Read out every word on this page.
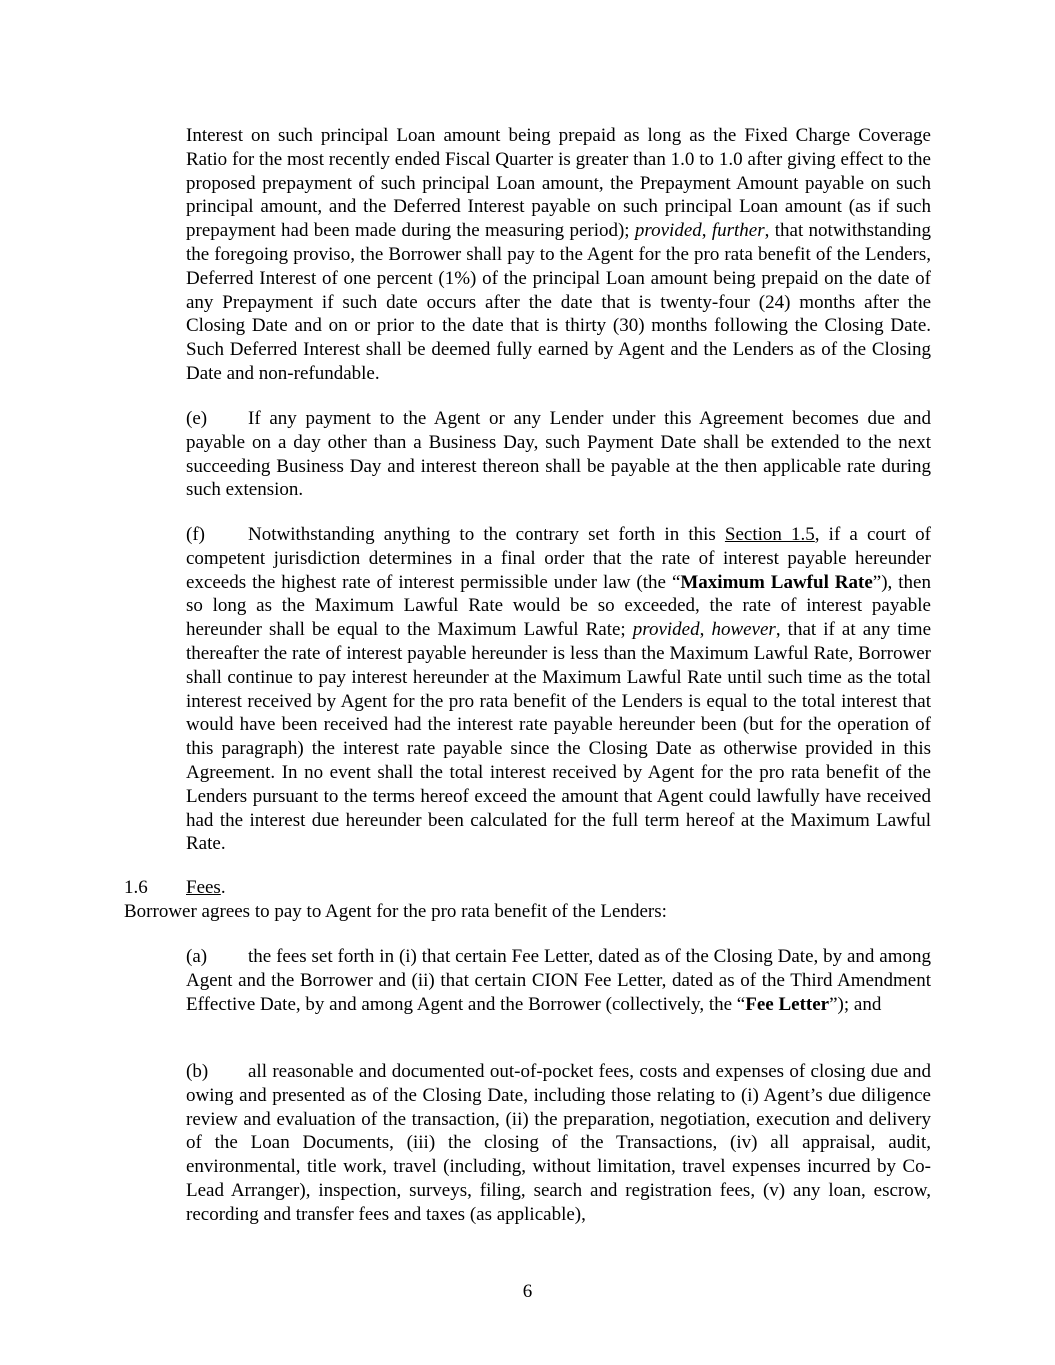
Interest on such principal Loan amount being prepaid as long as the Fixed Charge Coverage Ratio for the most recently ended Fiscal Quarter is greater than 1.0 to 1.0 after giving effect to the proposed prepayment of such principal Loan amount, the Prepayment Amount payable on such principal amount, and the Deferred Interest payable on such principal Loan amount (as if such prepayment had been made during the measuring period); provided, further, that notwithstanding the foregoing proviso, the Borrower shall pay to the Agent for the pro rata benefit of the Lenders, Deferred Interest of one percent (1%) of the principal Loan amount being prepaid on the date of any Prepayment if such date occurs after the date that is twenty-four (24) months after the Closing Date and on or prior to the date that is thirty (30) months following the Closing Date. Such Deferred Interest shall be deemed fully earned by Agent and the Lenders as of the Closing Date and non-refundable.
(e) If any payment to the Agent or any Lender under this Agreement becomes due and payable on a day other than a Business Day, such Payment Date shall be extended to the next succeeding Business Day and interest thereon shall be payable at the then applicable rate during such extension.
(f) Notwithstanding anything to the contrary set forth in this Section 1.5, if a court of competent jurisdiction determines in a final order that the rate of interest payable hereunder exceeds the highest rate of interest permissible under law (the “Maximum Lawful Rate”), then so long as the Maximum Lawful Rate would be so exceeded, the rate of interest payable hereunder shall be equal to the Maximum Lawful Rate; provided, however, that if at any time thereafter the rate of interest payable hereunder is less than the Maximum Lawful Rate, Borrower shall continue to pay interest hereunder at the Maximum Lawful Rate until such time as the total interest received by Agent for the pro rata benefit of the Lenders is equal to the total interest that would have been received had the interest rate payable hereunder been (but for the operation of this paragraph) the interest rate payable since the Closing Date as otherwise provided in this Agreement. In no event shall the total interest received by Agent for the pro rata benefit of the Lenders pursuant to the terms hereof exceed the amount that Agent could lawfully have received had the interest due hereunder been calculated for the full term hereof at the Maximum Lawful Rate.
1.6 Fees.
Borrower agrees to pay to Agent for the pro rata benefit of the Lenders:
(a) the fees set forth in (i) that certain Fee Letter, dated as of the Closing Date, by and among Agent and the Borrower and (ii) that certain CION Fee Letter, dated as of the Third Amendment Effective Date, by and among Agent and the Borrower (collectively, the “Fee Letter”); and
(b) all reasonable and documented out-of-pocket fees, costs and expenses of closing due and owing and presented as of the Closing Date, including those relating to (i) Agent’s due diligence review and evaluation of the transaction, (ii) the preparation, negotiation, execution and delivery of the Loan Documents, (iii) the closing of the Transactions, (iv) all appraisal, audit, environmental, title work, travel (including, without limitation, travel expenses incurred by Co-Lead Arranger), inspection, surveys, filing, search and registration fees, (v) any loan, escrow, recording and transfer fees and taxes (as applicable),
6
